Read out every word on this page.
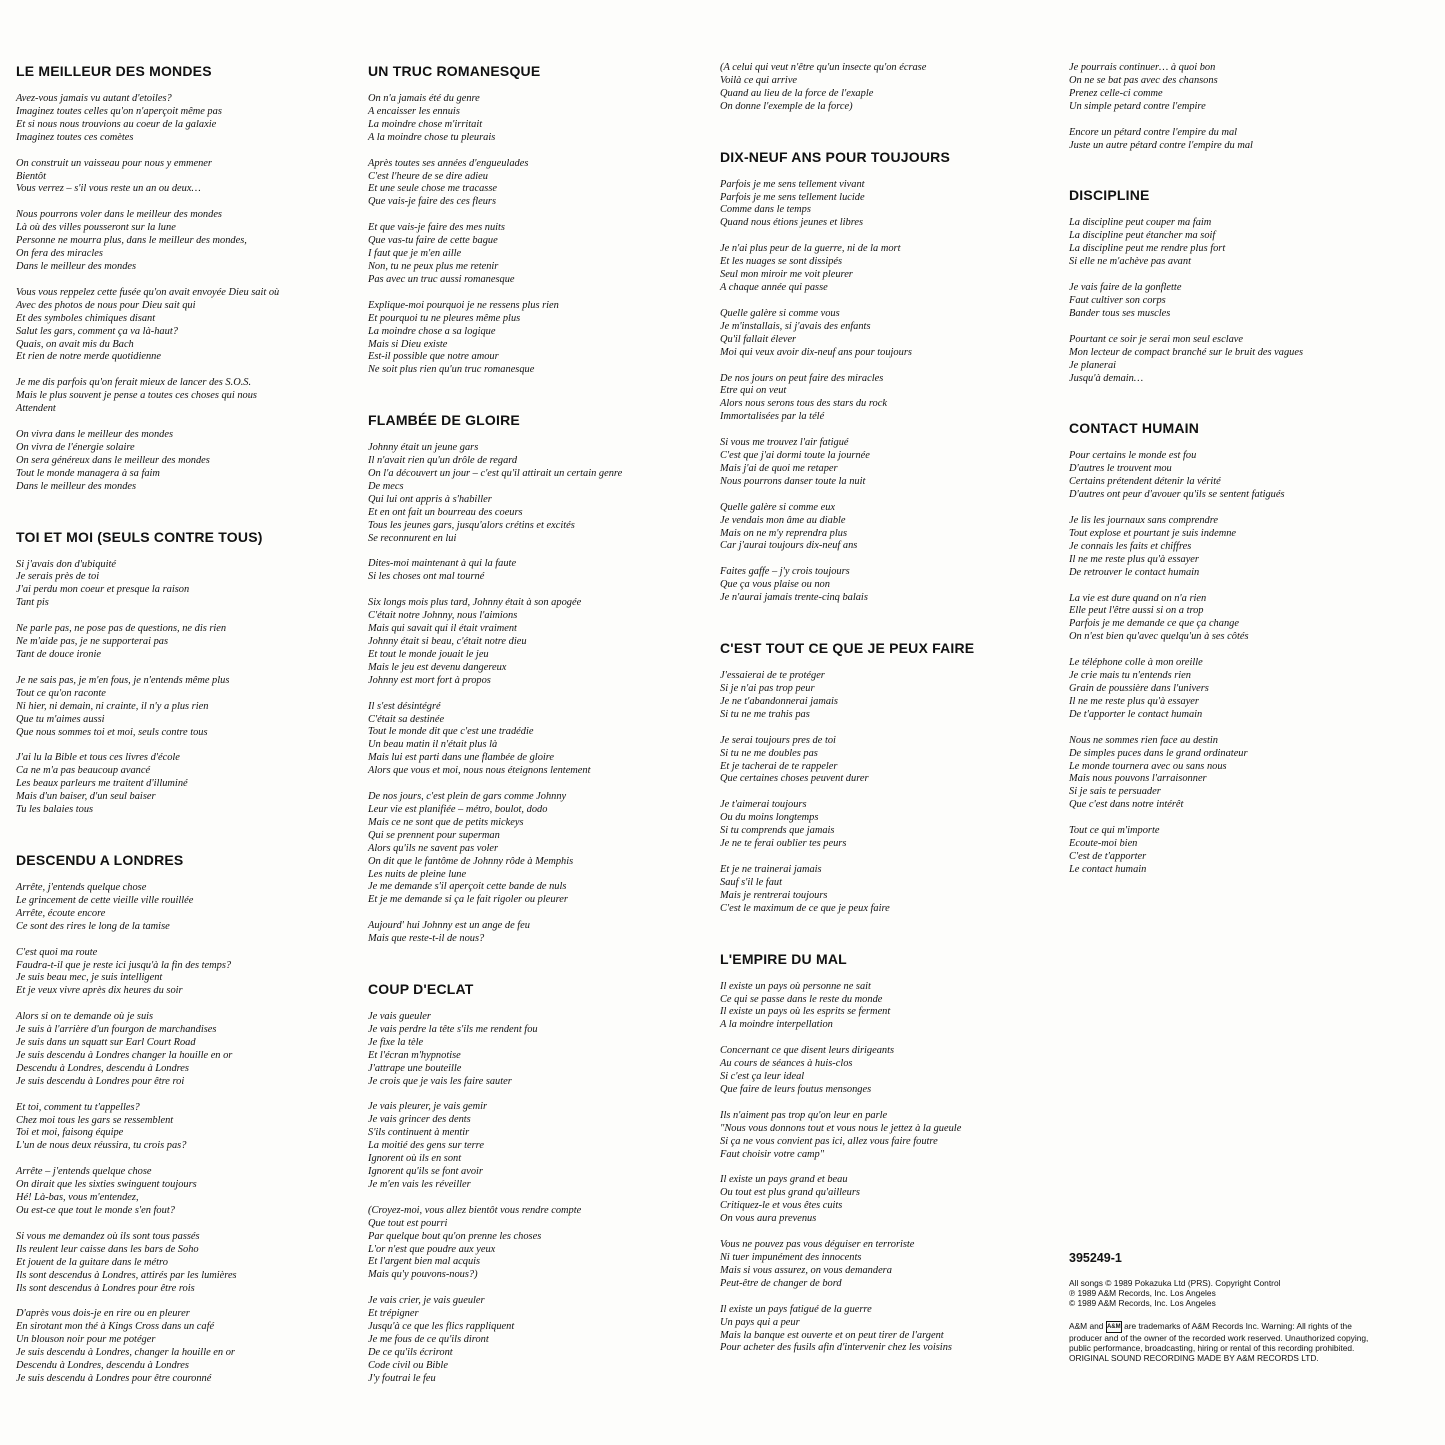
LE MEILLEUR DES MONDES
Avez-vous jamais vu autant d'etoiles?
Imaginez toutes celles qu'on n'aperçoit même pas
Et si nous nous trouvions au coeur de la galaxie
Imaginez toutes ces comètes
On construit un vaisseau pour nous y emmener
Bientôt
Vous verrez – s'il vous reste un an ou deux…
Nous pourrons voler dans le meilleur des mondes
Là où des villes pousseront sur la lune
Personne ne mourra plus, dans le meilleur des mondes,
On fera des miracles
Dans le meilleur des mondes
Vous vous reppelez cette fusée qu'on avait envoyée Dieu sait où
Avec des photos de nous pour Dieu sait qui
Et des symboles chimiques disant
Salut les gars, comment ça va là-haut?
Quais, on avait mis du Bach
Et rien de notre merde quotidienne
Je me dis parfois qu'on ferait mieux de lancer des S.O.S.
Mais le plus souvent je pense a toutes ces choses qui nous
Attendent
On vivra dans le meilleur des mondes
On vivra de l'énergie solaire
On sera généreux dans le meilleur des mondes
Tout le monde managera à sa faim
Dans le meilleur des mondes
TOI ET MOI (SEULS CONTRE TOUS)
Si j'avais don d'ubiquité
Je serais près de toi
J'ai perdu mon coeur et presque la raison
Tant pis
Ne parle pas, ne pose pas de questions, ne dis rien
Ne m'aide pas, je ne supporterai pas
Tant de douce ironie
Je ne sais pas, je m'en fous, je n'entends même plus
Tout ce qu'on raconte
Ni hier, ni demain, ni crainte, il n'y a plus rien
Que tu m'aimes aussi
Que nous sommes toi et moi, seuls contre tous
J'ai lu la Bible et tous ces livres d'école
Ca ne m'a pas beaucoup avancé
Les beaux parleurs me traitent d'illuminé
Mais d'un baiser, d'un seul baiser
Tu les balaies tous
DESCENDU A LONDRES
Arrête, j'entends quelque chose
Le grincement de cette vieille ville rouillée
Arrête, écoute encore
Ce sont des rires le long de la tamise
C'est quoi ma route
Faudra-t-il que je reste ici jusqu'à la fin des temps?
Je suis beau mec, je suis intelligent
Et je veux vivre après dix heures du soir
Alors si on te demande où je suis
Je suis à l'arrière d'un fourgon de marchandises
Je suis dans un squatt sur Earl Court Road
Je suis descendu à Londres changer la houille en or
Descendu à Londres, descendu à Londres
Je suis descendu à Londres pour être roi
Et toi, comment tu t'appelles?
Chez moi tous les gars se ressemblent
Toi et moi, faisong équipe
L'un de nous deux réussira, tu crois pas?
Arrête – j'entends quelque chose
On dirait que les sixties swinguent toujours
Hé! Là-bas, vous m'entendez,
Ou est-ce que tout le monde s'en fout?
Si vous me demandez où ils sont tous passés
Ils reulent leur caisse dans les bars de Soho
Et jouent de la guitare dans le métro
Ils sont descendus à Londres, attirés par les lumières
Ils sont descendus à Londres pour être rois
D'après vous dois-je en rire ou en pleurer
En sirotant mon thé à Kings Cross dans un café
Un blouson noir pour me potéger
Je suis descendu à Londres, changer la houille en or
Descendu à Londres, descendu à Londres
Je suis descendu à Londres pour être couronné
UN TRUC ROMANESQUE
On n'a jamais été du genre
A encaisser les ennuis
La moindre chose m'irritait
A la moindre chose tu pleurais
Après toutes ses années d'engueulades
C'est l'heure de se dire adieu
Et une seule chose me tracasse
Que vais-je faire des ces fleurs
Et que vais-je faire des mes nuits
Que vas-tu faire de cette bague
I faut que je m'en aille
Non, tu ne peux plus me retenir
Pas avec un truc aussi romanesque
Explique-moi pourquoi je ne ressens plus rien
Et pourquoi tu ne pleures même plus
La moindre chose a sa logique
Mais si Dieu existe
Est-il possible que notre amour
Ne soit plus rien qu'un truc romanesque
FLAMBÉE DE GLOIRE
Johnny était un jeune gars
Il n'avait rien qu'un drôle de regard
On l'a découvert un jour – c'est qu'il attirait un certain genre
De mecs
Qui lui ont appris à s'habiller
Et en ont fait un bourreau des coeurs
Tous les jeunes gars, jusqu'alors crétins et excités
Se reconnurent en lui
Dites-moi maintenant à qui la faute
Si les choses ont mal tourné
Six longs mois plus tard, Johnny était à son apogée
C'était notre Johnny, nous l'aimions
Mais qui savait qui il était vraiment
Johnny était si beau, c'était notre dieu
Et tout le monde jouait le jeu
Mais le jeu est devenu dangereux
Johnny est mort fort à propos
Il s'est désintégré
C'était sa destinée
Tout le monde dit que c'est une tradédie
Un beau matin il n'était plus là
Mais lui est parti dans une flambée de gloire
Alors que vous et moi, nous nous éteignons lentement
De nos jours, c'est plein de gars comme Johnny
Leur vie est planifiée – métro, boulot, dodo
Mais ce ne sont que de petits mickeys
Qui se prennent pour superman
Alors qu'ils ne savent pas voler
On dit que le fantôme de Johnny rôde à Memphis
Les nuits de pleine lune
Je me demande s'il aperçoit cette bande de nuls
Et je me demande si ça le fait rigoler ou pleurer
Aujourd' hui Johnny est un ange de feu
Mais que reste-t-il de nous?
COUP D'ECLAT
Je vais gueuler
Je vais perdre la tête s'ils me rendent fou
Je fixe la tèle
Et l'écran m'hypnotise
J'attrape une bouteille
Je crois que je vais les faire sauter
Je vais pleurer, je vais gemir
Je vais grincer des dents
S'ils continuent à mentir
La moitié des gens sur terre
Ignorent où ils en sont
Ignorent qu'ils se font avoir
Je m'en vais les réveiller
(Croyez-moi, vous allez bientôt vous rendre compte
Que tout est pourri
Par quelque bout qu'on prenne les choses
L'or n'est que poudre aux yeux
Et l'argent bien mal acquis
Mais qu'y pouvons-nous?)
Je vais crier, je vais gueuler
Et trépigner
Jusqu'à ce que les flics rappliquent
Je me fous de ce qu'ils diront
De ce qu'ils écriront
Code civil ou Bible
J'y foutrai le feu
(A celui qui veut n'être qu'un insecte qu'on écrase
Voilà ce qui arrive
Quand au lieu de la force de l'exaple
On donne l'exemple de la force)
DIX-NEUF ANS POUR TOUJOURS
Parfois je me sens tellement vivant
Parfois je me sens tellement lucide
Comme dans le temps
Quand nous étions jeunes et libres
Je n'ai plus peur de la guerre, ni de la mort
Et les nuages se sont dissipés
Seul mon miroir me voit pleurer
A chaque année qui passe
Quelle galère si comme vous
Je m'installais, si j'avais des enfants
Qu'il fallait élever
Moi qui veux avoir dix-neuf ans pour toujours
De nos jours on peut faire des miracles
Etre qui on veut
Alors nous serons tous des stars du rock
Immortalisées par la télé
Si vous me trouvez l'air fatigué
C'est que j'ai dormi toute la journée
Mais j'ai de quoi me retaper
Nous pourrons danser toute la nuit
Quelle galère si comme eux
Je vendais mon âme au diable
Mais on ne m'y reprendra plus
Car j'aurai toujours dix-neuf ans
Faites gaffe – j'y crois toujours
Que ça vous plaise ou non
Je n'aurai jamais trente-cinq balais
C'EST TOUT CE QUE JE PEUX FAIRE
J'essaierai de te protéger
Si je n'ai pas trop peur
Je ne t'abandonnerai jamais
Si tu ne me trahis pas
Je serai toujours pres de toi
Si tu ne me doubles pas
Et je tacherai de te rappeler
Que certaines choses peuvent durer
Je t'aimerai toujours
Ou du moins longtemps
Si tu comprends que jamais
Je ne te ferai oublier tes peurs
Et je ne trainerai jamais
Sauf s'il le faut
Mais je rentrerai toujours
C'est le maximum de ce que je peux faire
L'EMPIRE DU MAL
Il existe un pays où personne ne sait
Ce qui se passe dans le reste du monde
Il existe un pays où les esprits se ferment
A la moindre interpellation
Concernant ce que disent leurs dirigeants
Au cours de séances à huis-clos
Si c'est ça leur ideal
Que faire de leurs foutus mensonges
Ils n'aiment pas trop qu'on leur en parle
"Nous vous donnons tout et vous nous le jettez à la gueule
Si ça ne vous convient pas ici, allez vous faire foutre
Faut choisir votre camp"
Il existe un pays grand et beau
Ou tout est plus grand qu'ailleurs
Critiquez-le et vous êtes cuits
On vous aura prevenus
Vous ne pouvez pas vous déguiser en terroriste
Ni tuer impunément des innocents
Mais si vous assurez, on vous demandera
Peut-être de changer de bord
Il existe un pays fatigué de la guerre
Un pays qui a peur
Mais la banque est ouverte et on peut tirer de l'argent
Pour acheter des fusils afin d'intervenir chez les voisins
Je pourrais continuer… à quoi bon
On ne se bat pas avec des chansons
Prenez celle-ci comme
Un simple petard contre l'empire
Encore un pétard contre l'empire du mal
Juste un autre pétard contre l'empire du mal
DISCIPLINE
La discipline peut couper ma faim
La discipline peut étancher ma soif
La discipline peut me rendre plus fort
Si elle ne m'achève pas avant
Je vais faire de la gonflette
Faut cultiver son corps
Bander tous ses muscles
Pourtant ce soir je serai mon seul esclave
Mon lecteur de compact branché sur le bruit des vagues
Je planerai
Jusqu'à demain…
CONTACT HUMAIN
Pour certains le monde est fou
D'autres le trouvent mou
Certains prétendent détenir la vérité
D'autres ont peur d'avouer qu'ils se sentent fatigués
Je lis les journaux sans comprendre
Tout explose et pourtant je suis indemne
Je connais les faits et chiffres
Il ne me reste plus qu'à essayer
De retrouver le contact humain
La vie est dure quand on n'a rien
Elle peut l'être aussi si on a trop
Parfois je me demande ce que ça change
On n'est bien qu'avec quelqu'un à ses côtés
Le téléphone colle à mon oreille
Je crie mais tu n'entends rien
Grain de poussière dans l'univers
Il ne me reste plus qu'à essayer
De t'apporter le contact humain
Nous ne sommes rien face au destin
De simples puces dans le grand ordinateur
Le monde tournera avec ou sans nous
Mais nous pouvons l'arraisonner
Si je sais te persuader
Que c'est dans notre intérêt
Tout ce qui m'importe
Ecoute-moi bien
C'est de t'apporter
Le contact humain
395249-1
All songs © 1989 Pokazuka Ltd (PRS). Copyright Control
℗ 1989 A&M Records, Inc. Los Angeles
© 1989 A&M Records, Inc. Los Angeles
A&M and A&M are trademarks of A&M Records Inc. Warning: All rights of the producer and of the owner of the recorded work reserved. Unauthorized copying, public performance, broadcasting, hiring or rental of this recording prohibited. ORIGINAL SOUND RECORDING MADE BY A&M RECORDS LTD.
